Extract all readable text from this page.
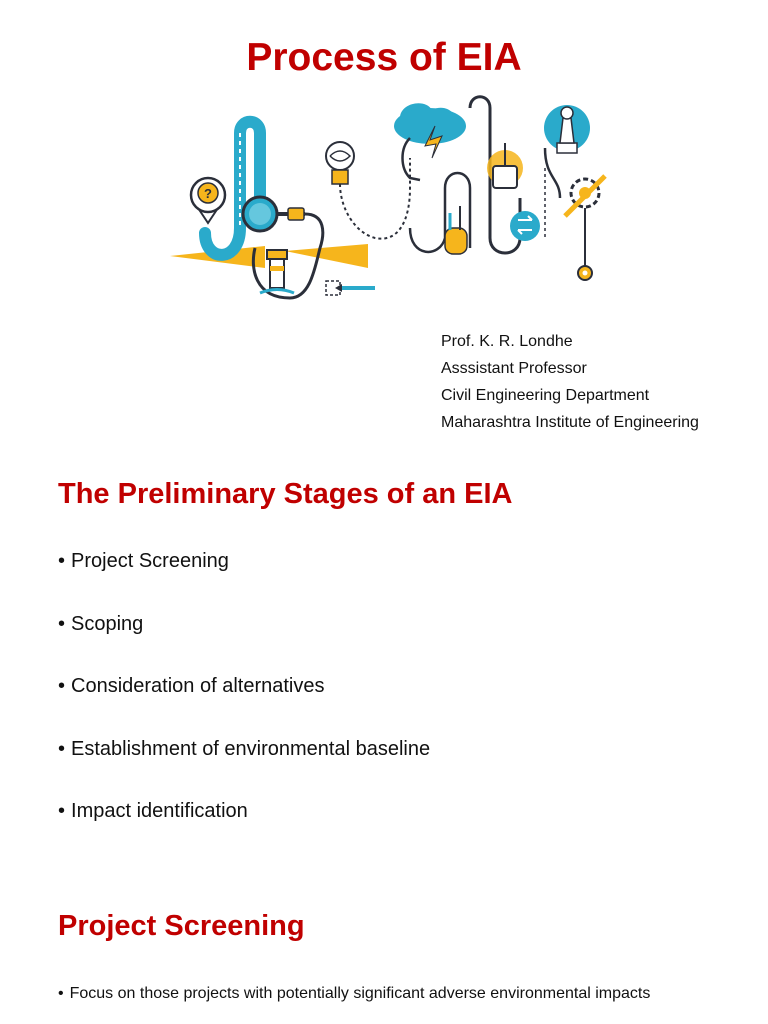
Process of EIA
?
Prof. K. R. Londhe
Asssistant Professor
Civil Engineering Department
Maharashtra Institute of Engineering
The Preliminary Stages of an EIA
• Project Screening
• Scoping
• Consideration of alternatives
• Establishment of environmental baseline
• Impact identification
Project Screening
• Focus on those projects with potentially significant adverse environmental impacts
